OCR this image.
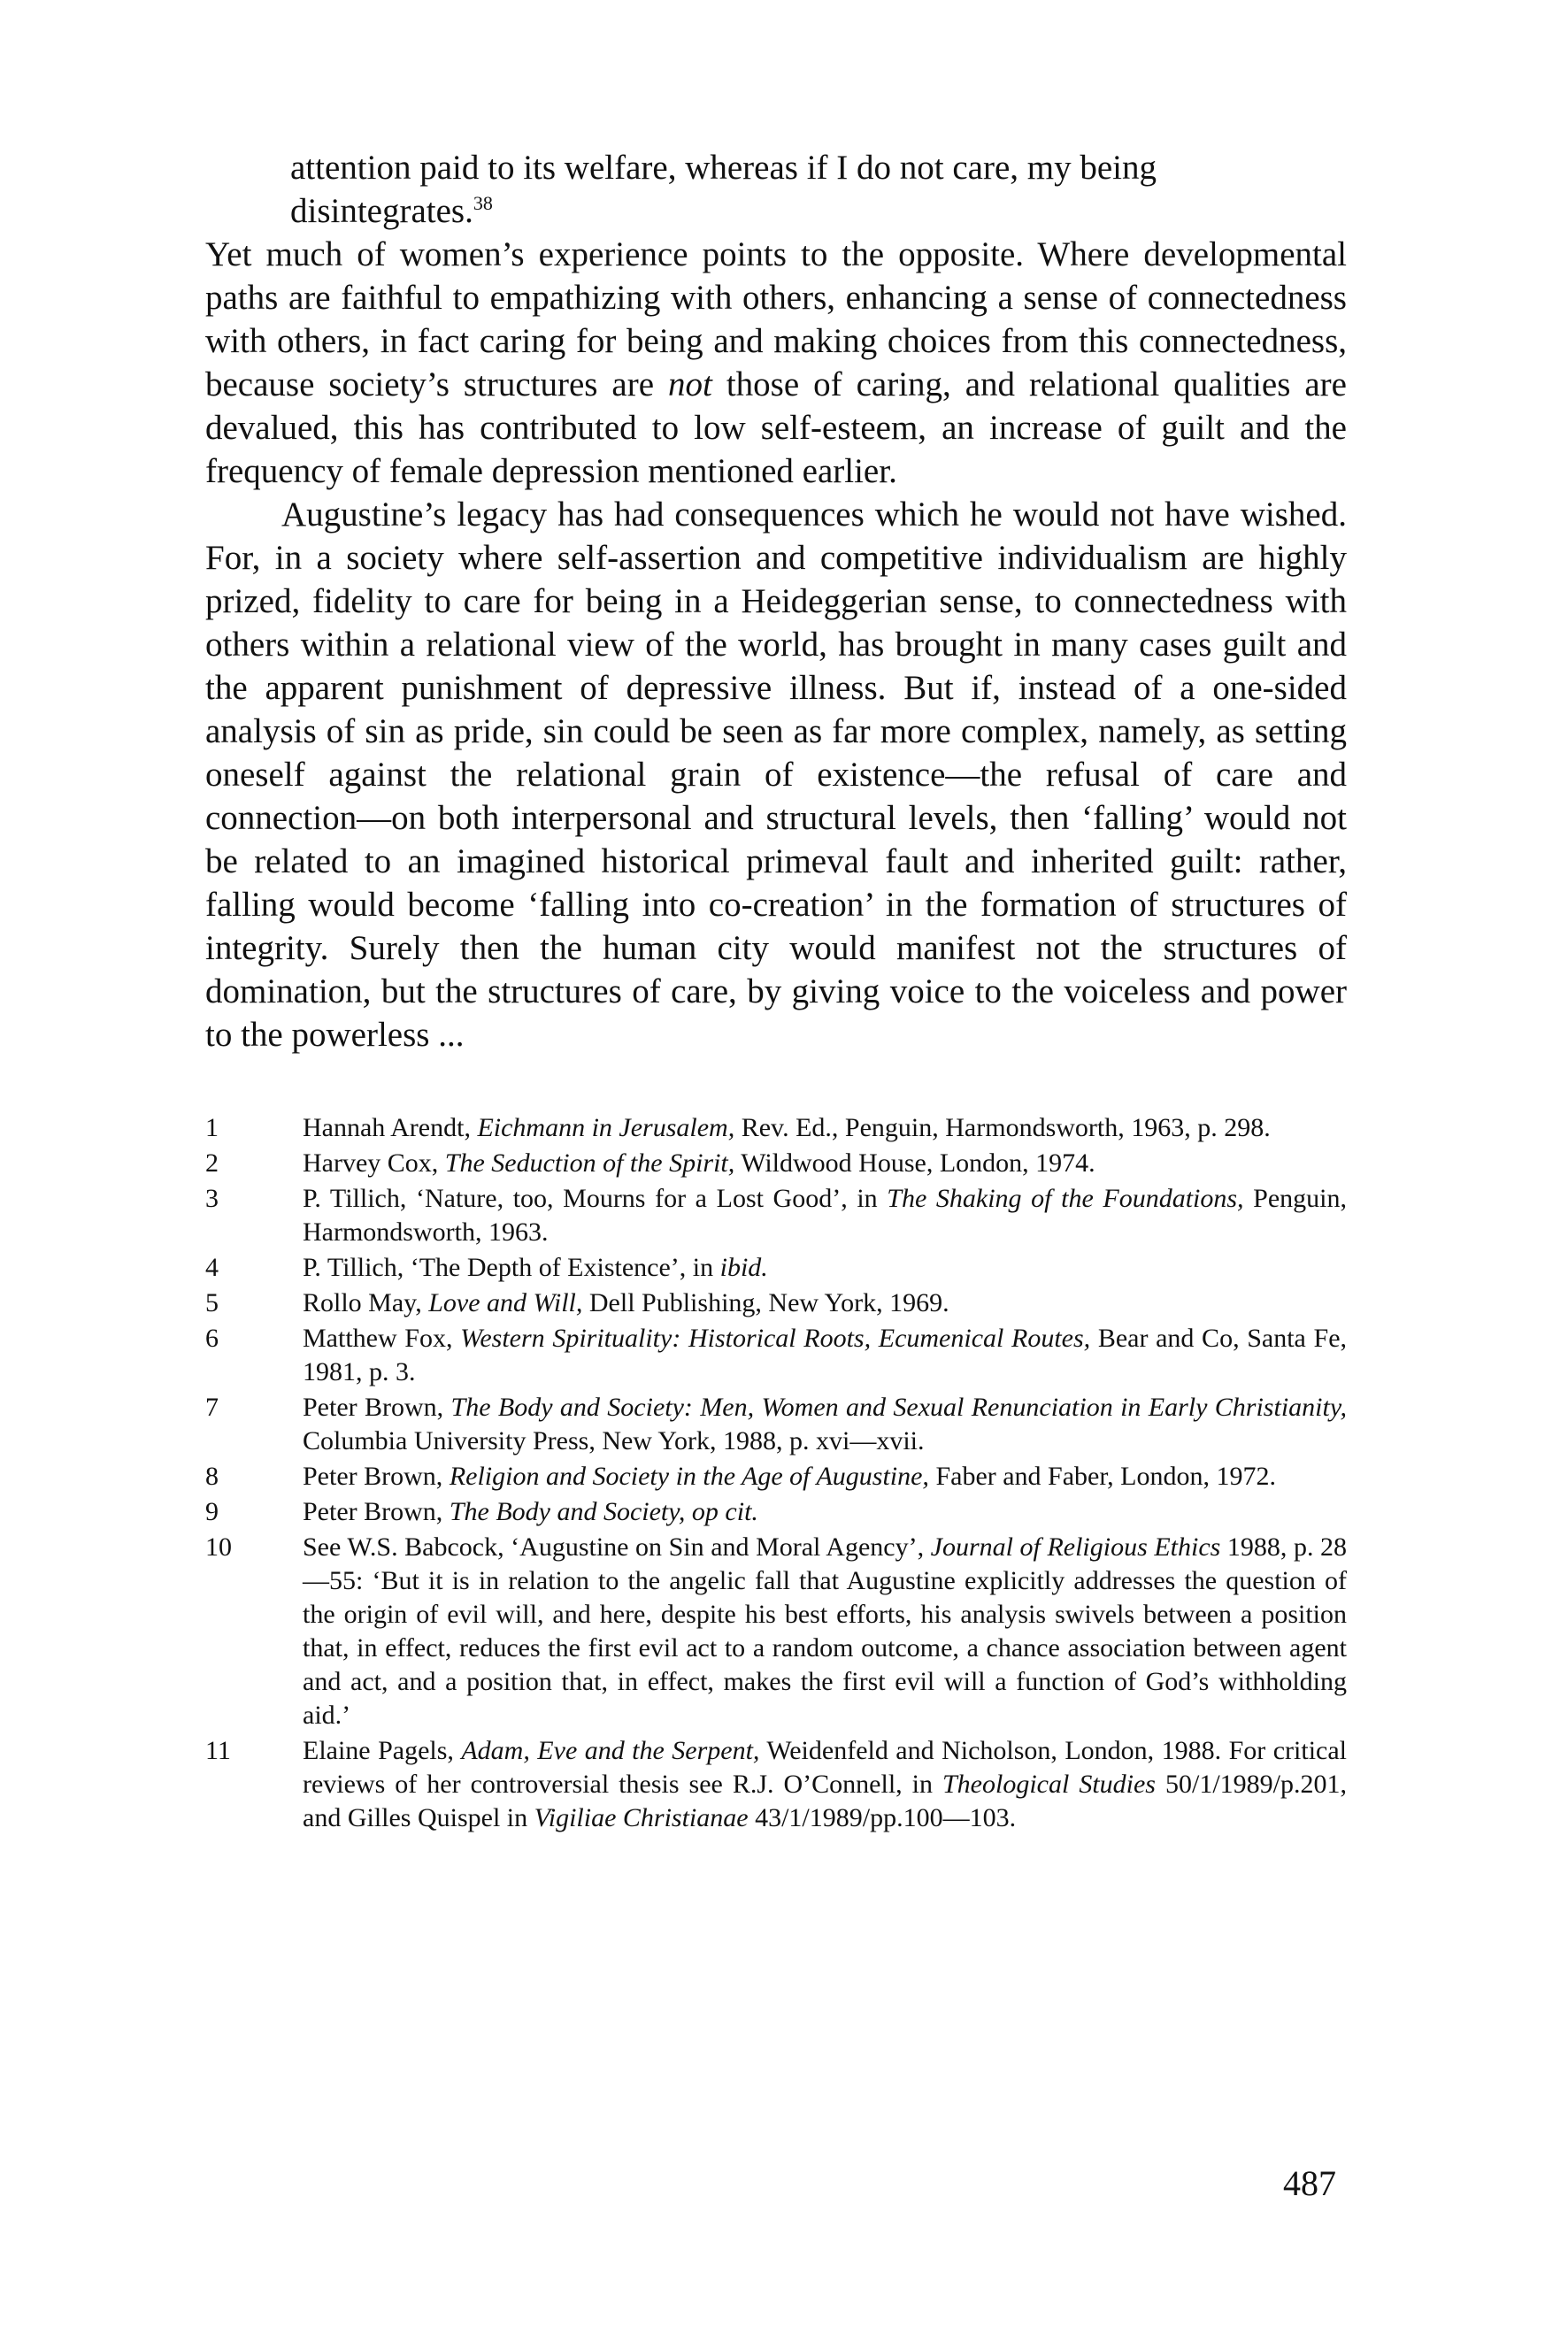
attention paid to its welfare, whereas if I do not care, my being
disintegrates.$^{38}$

Yet much of women’s experience points to the opposite. Where developmental paths are faithful to empathizing with others, enhancing a sense of connectedness with others, in fact caring for being and making choices from this connectedness, because society’s structures are not those of caring, and relational qualities are devalued, this has contributed to low self-esteem, an increase of guilt and the frequency of female depression mentioned earlier.

Augustine’s legacy has had consequences which he would not have wished. For, in a society where self-assertion and competitive individualism are highly prized, fidelity to care for being in a Heideggerian sense, to connectedness with others within a relational view of the world, has brought in many cases guilt and the apparent punishment of depressive illness. But if, instead of a one-sided analysis of sin as pride, sin could be seen as far more complex, namely, as setting oneself against the relational grain of existence—the refusal of care and connection—on both interpersonal and structural levels, then ‘falling’ would not be related to an imagined historical primeval fault and inherited guilt: rather, falling would become ‘falling into co-creation’ in the formation of structures of integrity. Surely then the human city would manifest not the structures of domination, but the structures of care, by giving voice to the voiceless and power to the powerless ...

1	Hannah Arendt, Eichmann in Jerusalem, Rev. Ed., Penguin, Harmondsworth, 1963, p. 298.
2	Harvey Cox, The Seduction of the Spirit, Wildwood House, London, 1974.
3	P. Tillich, ‘Nature, too, Mourns for a Lost Good’, in The Shaking of the Foundations, Penguin, Harmondsworth, 1963.
4	P. Tillich, ‘The Depth of Existence’, in ibid.
5	Rollo May, Love and Will, Dell Publishing, New York, 1969.
6	Matthew Fox, Western Spirituality: Historical Roots, Ecumenical Routes, Bear and Co, Santa Fe, 1981, p. 3.
7	Peter Brown, The Body and Society: Men, Women and Sexual Renunciation in Early Christianity, Columbia University Press, New York, 1988, p. xvi—xvii.
8	Peter Brown, Religion and Society in the Age of Augustine, Faber and Faber, London, 1972.
9	Peter Brown, The Body and Society, op cit.
10	See W.S. Babcock, ‘Augustine on Sin and Moral Agency’, Journal of Religious Ethics 1988, p. 28—55: ‘But it is in relation to the angelic fall that Augustine explicitly addresses the question of the origin of evil will, and here, despite his best efforts, his analysis swivels between a position that, in effect, reduces the first evil act to a random outcome, a chance association between agent and act, and a position that, in effect, makes the first evil will a function of God’s withholding aid.’
11	Elaine Pagels, Adam, Eve and the Serpent, Weidenfeld and Nicholson, London, 1988. For critical reviews of her controversial thesis see R.J. O’Connell, in Theological Studies 50/1/1989/p.201, and Gilles Quispel in Vigiliae Christianae 43/1/1989/pp.100—103.
487
